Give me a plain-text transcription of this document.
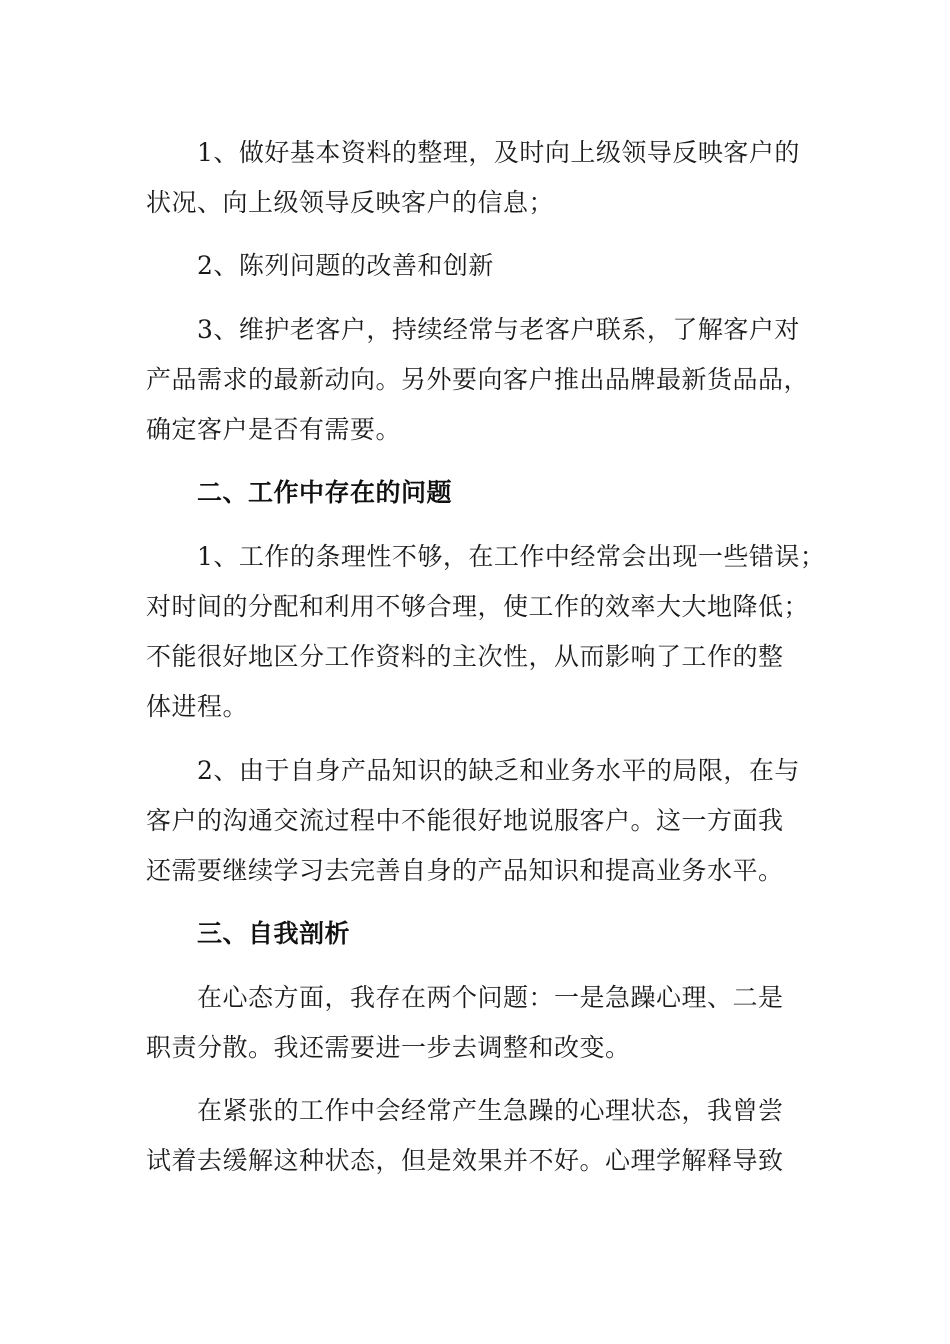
1、做好基本资料的整理，及时向上级领导反映客户的
状况、向上级领导反映客户的信息；
2、陈列问题的改善和创新
3、维护老客户，持续经常与老客户联系，了解客户对
产品需求的最新动向。另外要向客户推出品牌最新货品品，
确定客户是否有需要。
二、工作中存在的问题
1、工作的条理性不够，在工作中经常会出现一些错误；
对时间的分配和利用不够合理，使工作的效率大大地降低；
不能很好地区分工作资料的主次性，从而影响了工作的整
体进程。
2、由于自身产品知识的缺乏和业务水平的局限，在与
客户的沟通交流过程中不能很好地说服客户。这一方面我
还需要继续学习去完善自身的产品知识和提高业务水平。
三、自我剖析
在心态方面，我存在两个问题：一是急躁心理、二是
职责分散。我还需要进一步去调整和改变。
在紧张的工作中会经常产生急躁的心理状态，我曾尝
试着去缓解这种状态，但是效果并不好。心理学解释导致
